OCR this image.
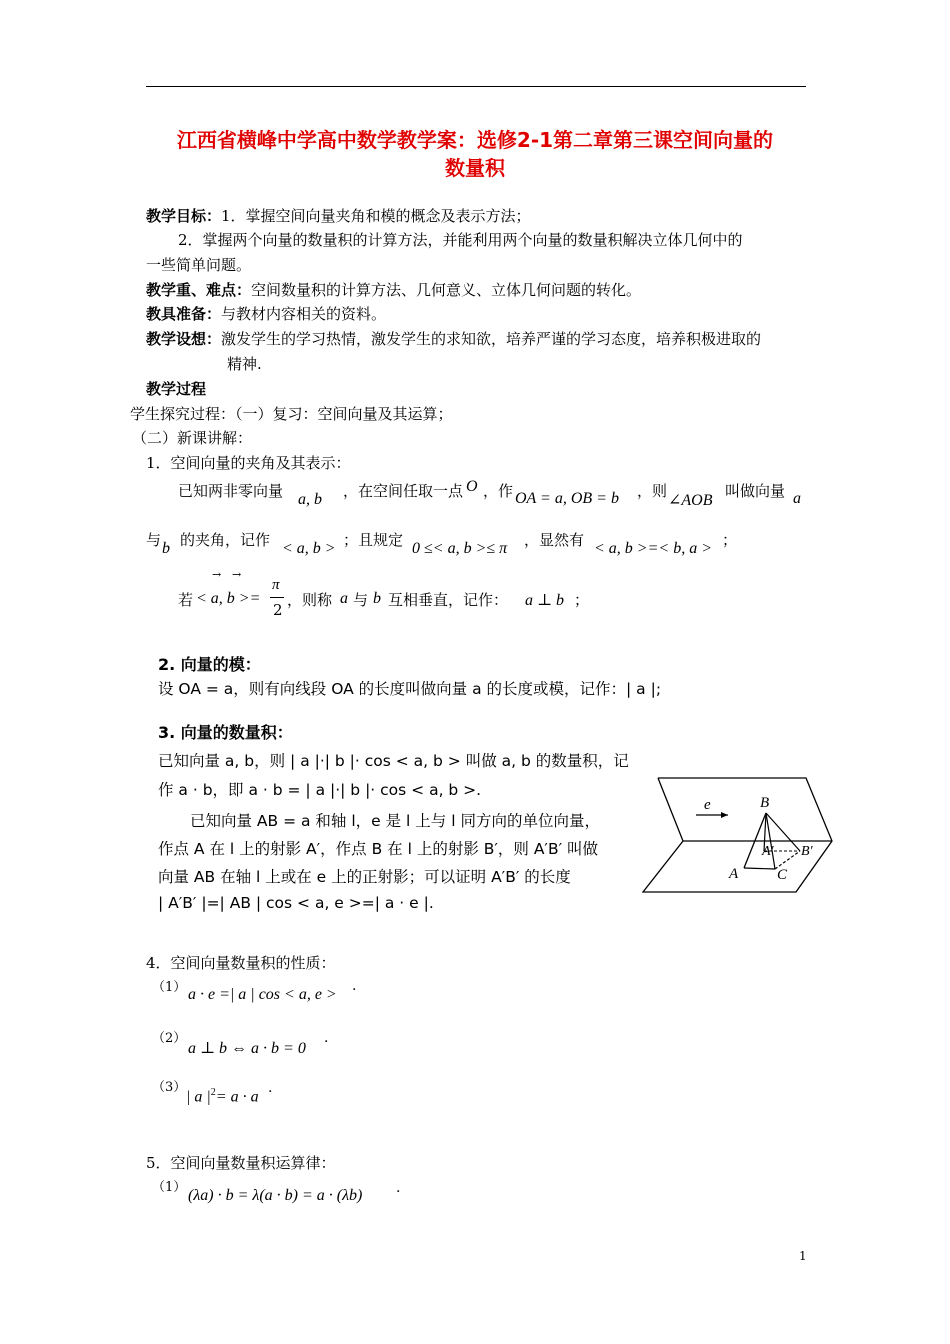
江西省横峰中学高中数学教学案：选修2-1第二章第三课空间向量的
数量积
教学目标：1．掌握空间向量夹角和模的概念及表示方法；
2．掌握两个向量的数量积的计算方法，并能利用两个向量的数量积解决立体几何中的
一些简单问题。
教学重、难点：空间数量积的计算方法、几何意义、立体几何问题的转化。
教具准备：与教材内容相关的资料。
教学设想：激发学生的学习热情，激发学生的求知欲，培养严谨的学习态度，培养积极进取的
精神.
教学过程
学生探究过程：（一）复习：空间向量及其运算；
（二）新课讲解：
1．空间向量的夹角及其表示：
已知两非零向量 a, b ，在空间任取一点 O ，作 OA = a, OB = b ，则
∠AOB
叫做向量 a
与 b 的夹角，记作 < a, b > ；且规定 0 ≤< a, b >≤ π ，显然有 < a, b >=< b, a > ；
若
→ →
< a, b >=
π
2
，则称 a 与 b 互相垂直，记作： a ⊥ b ；
2. 向量的模：
设 OA = a，则有向线段 OA 的长度叫做向量 a 的长度或模，记作：| a |;
3. 向量的数量积：
已知向量 a, b，则 | a |·| b |· cos < a, b > 叫做 a, b 的数量积，记
作 a · b，即 a · b = | a |·| b |· cos < a, b >.
已知向量 AB = a 和轴 l，e 是 l 上与 l 同方向的单位向量，
作点 A 在 l 上的射影 A′，作点 B 在 l 上的射影 B′，则 A′B′ 叫做
向量 AB 在轴 l 上或在 e 上的正射影；可以证明 A′B′ 的长度
| A′B′ |=| AB | cos < a, e >=| a · e |.
e	B
A′ B′
A	C
4．空间向量数量积的性质：
（1） a · e =| a | cos < a, e > .
（2）
a ⊥ b ⇔ a · b = 0
.
（3）
| a $|^2= a \cdot a$
.
5．空间向量数量积运算律：
（1） (λa) · b = λ(a · b) = a · (λb) .
1
